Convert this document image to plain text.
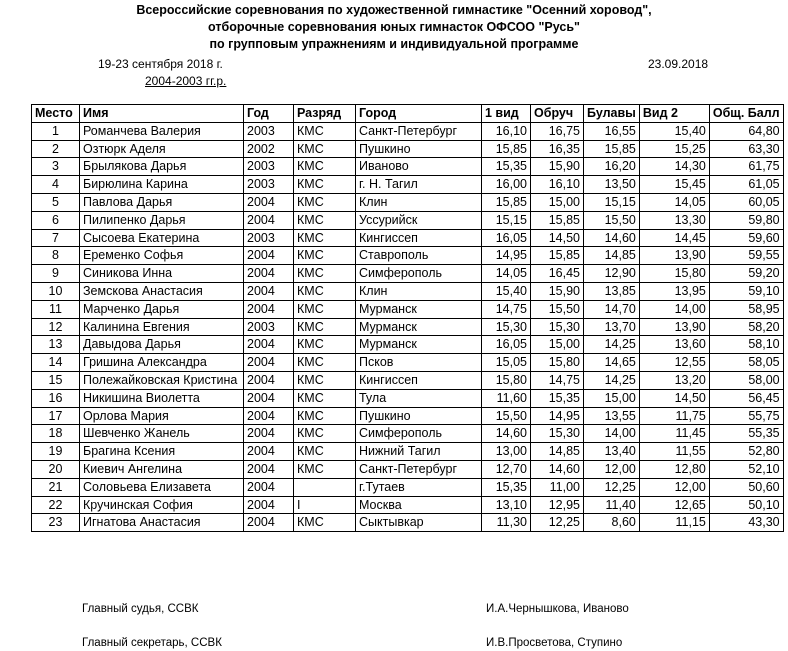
Всероссийские соревнования по художественной гимнастике "Осенний хоровод",
отборочные соревнования юных гимнасток ОФСОО "Русь"
по групповым упражнениям и индивидуальной программе
19-23 сентября 2018 г.	23.09.2018
2004-2003 гг.р.
Место	Имя	Год	Разряд	Город	1 вид	Обруч	Булавы	Вид 2	Общ. Балл
1	Романчева Валерия	2003	КМС	Санкт-Петербург	16,10	16,75	16,55	15,40	64,80
2	Озтюрк Аделя	2002	КМС	Пушкино	15,85	16,35	15,85	15,25	63,30
3	Брылякова Дарья	2003	КМС	Иваново	15,35	15,90	16,20	14,30	61,75
4	Бирюлина Карина	2003	КМС	г. Н. Тагил	16,00	16,10	13,50	15,45	61,05
5	Павлова Дарья	2004	КМС	Клин	15,85	15,00	15,15	14,05	60,05
6	Пилипенко Дарья	2004	КМС	Уссурийск	15,15	15,85	15,50	13,30	59,80
7	Сысоева Екатерина	2003	КМС	Кингиссеп	16,05	14,50	14,60	14,45	59,60
8	Еременко Софья	2004	КМС	Ставрополь	14,95	15,85	14,85	13,90	59,55
9	Синикова Инна	2004	КМС	Симферополь	14,05	16,45	12,90	15,80	59,20
10	Земскова Анастасия	2004	КМС	Клин	15,40	15,90	13,85	13,95	59,10
11	Марченко Дарья	2004	КМС	Мурманск	14,75	15,50	14,70	14,00	58,95
12	Калинина Евгения	2003	КМС	Мурманск	15,30	15,30	13,70	13,90	58,20
13	Давыдова Дарья	2004	КМС	Мурманск	16,05	15,00	14,25	13,60	58,10
14	Гришина Александра	2004	КМС	Псков	15,05	15,80	14,65	12,55	58,05
15	Полежайковская Кристина	2004	КМС	Кингиссеп	15,80	14,75	14,25	13,20	58,00
16	Никишина Виолетта	2004	КМС	Тула	11,60	15,35	15,00	14,50	56,45
17	Орлова Мария	2004	КМС	Пушкино	15,50	14,95	13,55	11,75	55,75
18	Шевченко Жанель	2004	КМС	Симферополь	14,60	15,30	14,00	11,45	55,35
19	Брагина Ксения	2004	КМС	Нижний Тагил	13,00	14,85	13,40	11,55	52,80
20	Киевич Ангелина	2004	КМС	Санкт-Петербург	12,70	14,60	12,00	12,80	52,10
21	Соловьева Елизавета	2004		г.Тутаев	15,35	11,00	12,25	12,00	50,60
22	Кручинская София	2004	I	Москва	13,10	12,95	11,40	12,65	50,10
23	Игнатова Анастасия	2004	КМС	Сыктывкар	11,30	12,25	8,60	11,15	43,30
Главный судья, ССВК	И.А.Чернышкова, Иваново
Главный секретарь, ССВК	И.В.Просветова, Ступино
